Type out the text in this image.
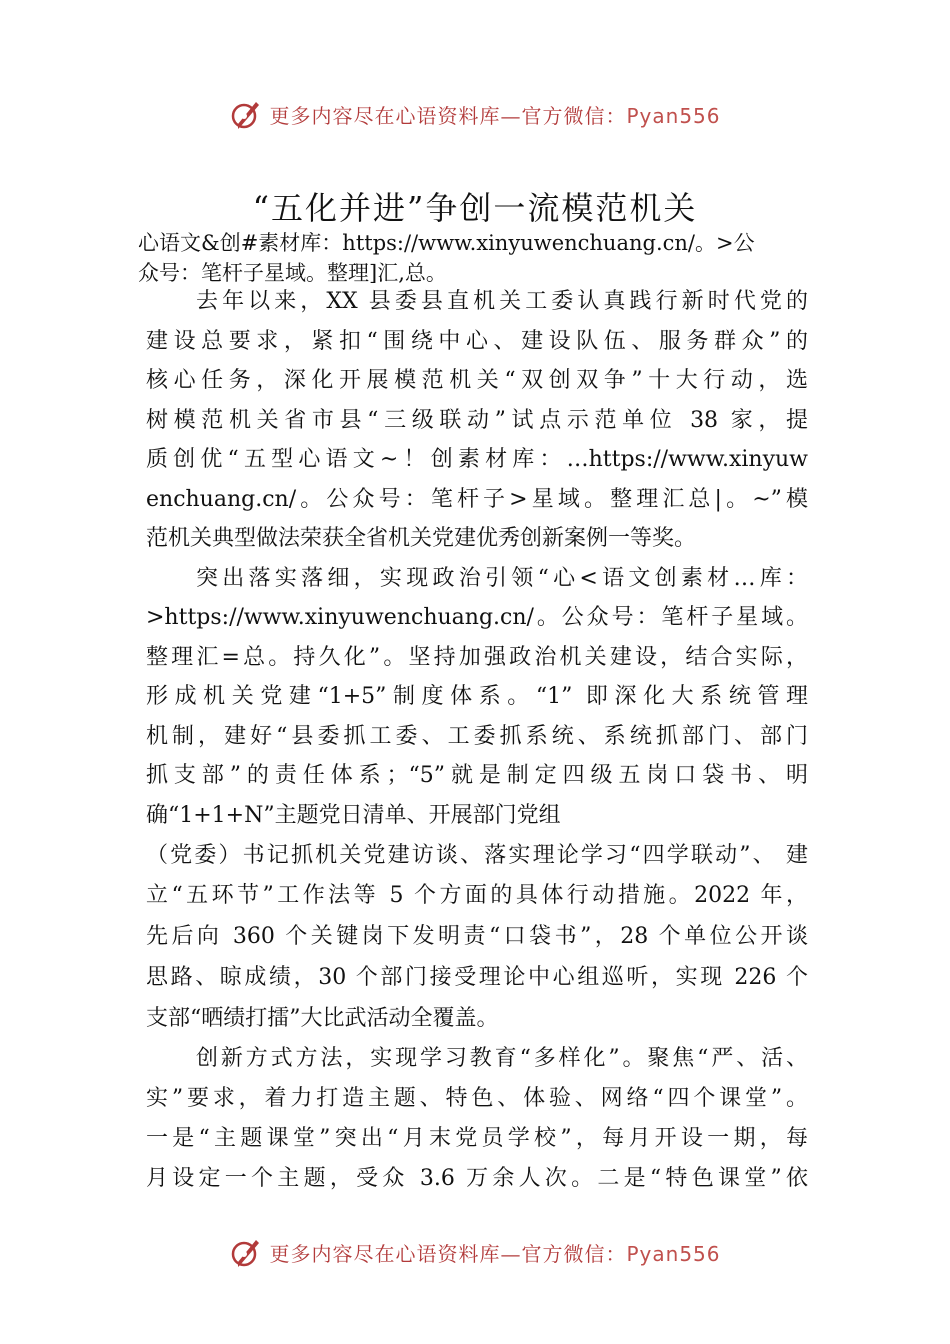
更多内容尽在心语资料库—官方微信：Pyan556
“五化并进”争创一流模范机关
心语文&创#素材库：https://www.xinyuwenchuang.cn/。>公
众号：笔杆子星域。整理]汇,总。
去年以来，XX 县委县直机关工委认真践行新时代党的
建设总要求，紧扣“围绕中心、建设队伍、服务群众”的
核心任务，深化开展模范机关“双创双争”十大行动，选
树模范机关省市县“三级联动”试点示范单位 38 家，提
质创优“五型心语文~！创素材库：…https://www.xinyuw
enchuang.cn/。公众号：笔杆子>星域。整理汇总|。~”模
范机关典型做法荣获全省机关党建优秀创新案例一等奖。
突出落实落细，实现政治引领“心<语文创素材…库：
>https://www.xinyuwenchuang.cn/。公众号：笔杆子星域。
整理汇=总。持久化”。坚持加强政治机关建设，结合实际，
形成机关党建“1+5”制度体系。“1” 即深化大系统管理
机制，建好“县委抓工委、工委抓系统、系统抓部门、部门
抓支部”的责任体系；“5”就是制定四级五岗口袋书、明
确“1+1+N”主题党日清单、开展部门党组
（党委）书记抓机关党建访谈、落实理论学习“四学联动”、 建
立“五环节”工作法等 5 个方面的具体行动措施。2022 年，
先后向 360 个关键岗下发明责“口袋书”，28 个单位公开谈
思路、晾成绩，30 个部门接受理论中心组巡听，实现 226 个
支部“晒绩打擂”大比武活动全覆盖。
创新方式方法，实现学习教育“多样化”。聚焦“严、活、
实”要求，着力打造主题、特色、体验、网络“四个课堂”。
一是“主题课堂”突出“月末党员学校”，每月开设一期，每
月设定一个主题，受众 3.6 万余人次。二是“特色课堂”依
更多内容尽在心语资料库—官方微信：Pyan556
